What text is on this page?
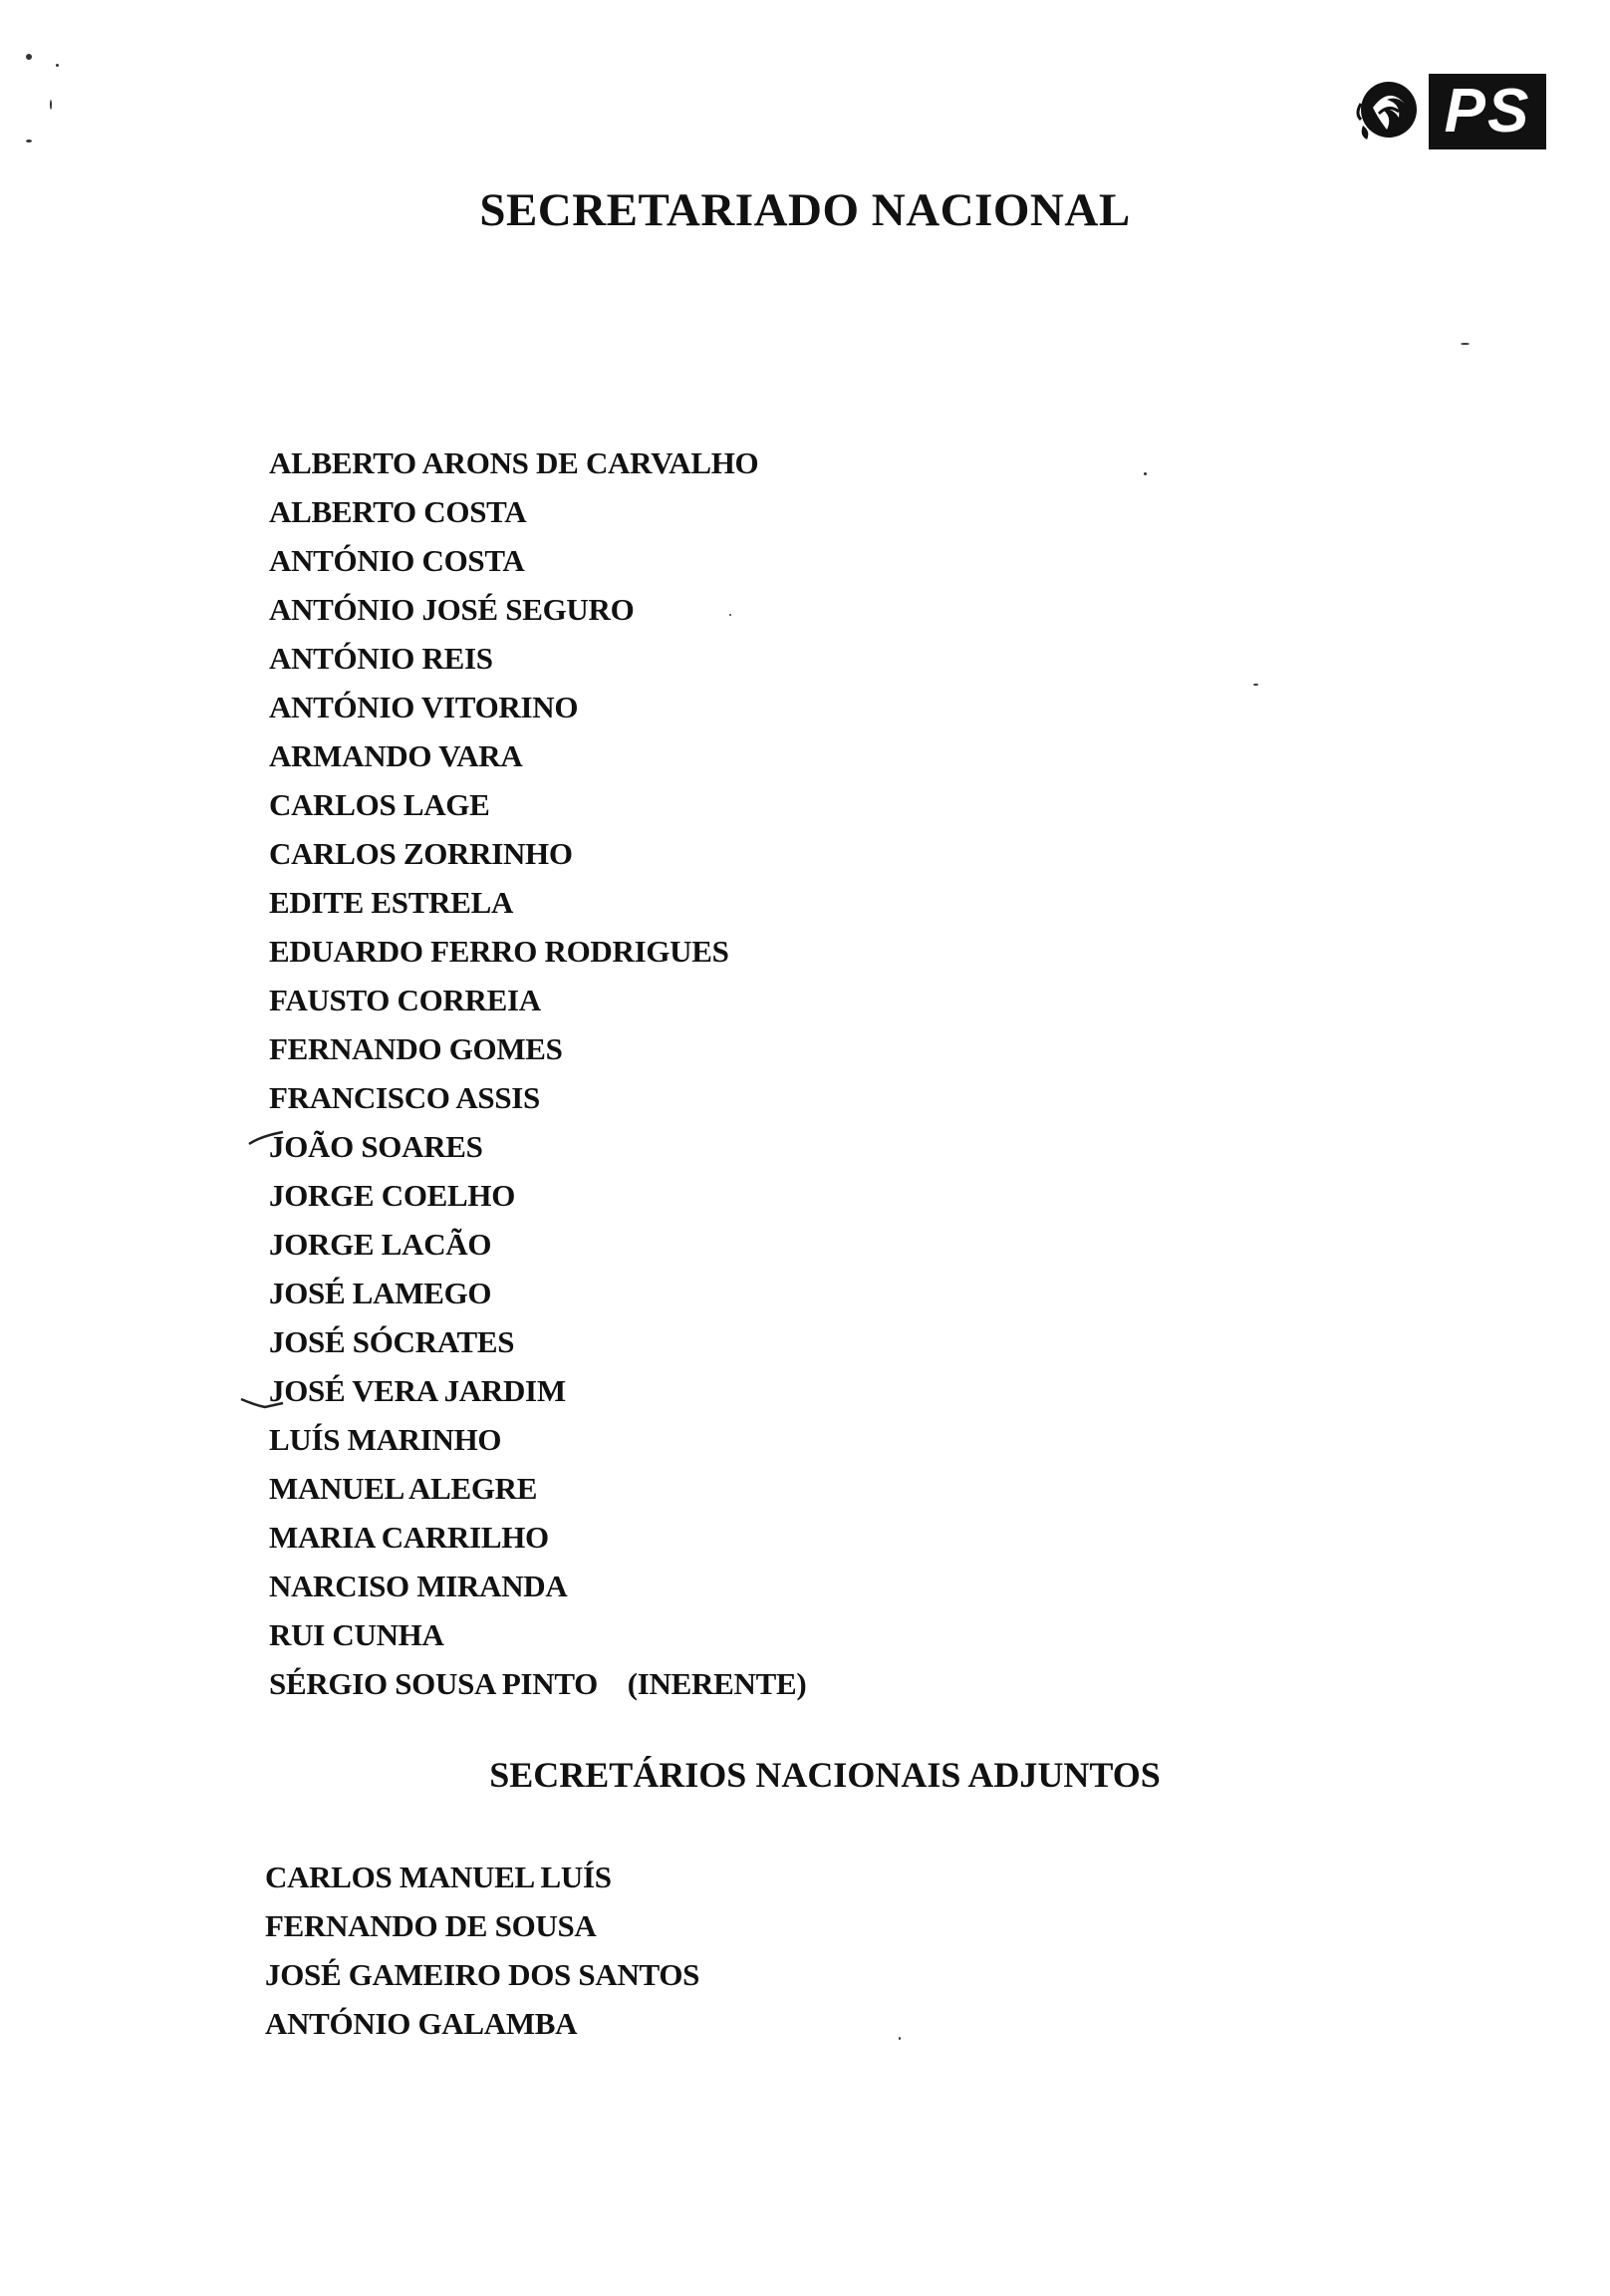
PS
SECRETARIADO NACIONAL
ALBERTO ARONS DE CARVALHO
ALBERTO COSTA
ANTÓNIO COSTA
ANTÓNIO JOSÉ SEGURO
ANTÓNIO REIS
ANTÓNIO VITORINO
ARMANDO VARA
CARLOS LAGE
CARLOS ZORRINHO
EDITE ESTRELA
EDUARDO FERRO RODRIGUES
FAUSTO CORREIA
FERNANDO GOMES
FRANCISCO ASSIS
JOÃO SOARES
JORGE COELHO
JORGE LACÃO
JOSÉ LAMEGO
JOSÉ SÓCRATES
JOSÉ VERA JARDIM
LUÍS MARINHO
MANUEL ALEGRE
MARIA CARRILHO
NARCISO MIRANDA
RUI CUNHA
SÉRGIO SOUSA PINTO    (INERENTE)
SECRETÁRIOS NACIONAIS ADJUNTOS
CARLOS MANUEL LUÍS
FERNANDO DE SOUSA
JOSÉ GAMEIRO DOS SANTOS
ANTÓNIO GALAMBA
